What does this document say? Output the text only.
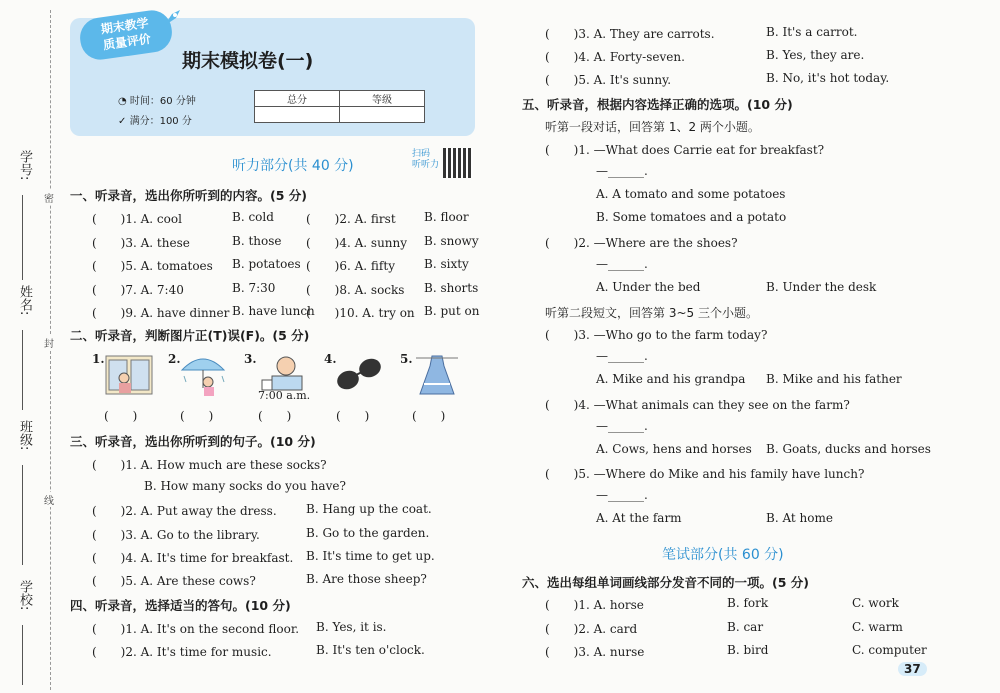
学号:
姓名:
班级:
学校:
密
封
线
期末教学
质量评价
期末模拟卷(一)
◔ 时间：60 分钟
✓ 满分：100 分
总分	等级

听力部分(共 40 分)
扫码
听听力
一、听录音，选出你所听到的内容。(5 分)
(　　)1. A. cool	B. cold	(　　)2. A. first B. floor
(　　)3. A. these	B. those (　　)4. A. sunny B. snowy
(　　)5. A. tomatoes B. potatoes (　　)6. A. fifty B. sixty
(　　)7. A. 7:40	B. 7:30	(　　)8. A. socks B. shorts
(　　)9. A. have dinner B. have lunch
(　　)10. A. try on B. put on
二、听录音，判断图片正(T)误(F)。(5 分)
1.	2.	3.	4.	5.
7:00 a.m.
(　　)	(　　)	(　　)	(　　)	(　　)
三、听录音，选出你所听到的句子。(10 分)
(　　)1. A. How much are these socks?
B. How many socks do you have?
(　　)2. A. Put away the dress. B. Hang up the coat.
(　　)3. A. Go to the library.	B. Go to the garden.
(　　)4. A. It's time for breakfast. B. It's time to get up.
(　　)5. A. Are these cows?	B. Are those sheep?
四、听录音，选择适当的答句。(10 分)
(　　)1. A. It's on the second floor. B. Yes, it is.
(　　)2. A. It's time for music.	B. It's ten o'clock.
(　　)3. A. They are carrots.	B. It's a carrot.
(　　)4. A. Forty-seven.	B. Yes, they are.
(　　)5. A. It's sunny.	B. No, it's hot today.
五、听录音，根据内容选择正确的选项。(10 分)
听第一段对话，回答第 1、2 两个小题。
听第二段短文，回答第 3~5 三个小题。
(　　)1. —What does Carrie eat for breakfast?
—______.
A. A tomato and some potatoes
B. Some tomatoes and a potato
(　　)2. —Where are the shoes?
—______.
A. Under the bed	B. Under the desk
(　　)3. —Who go to the farm today?
—______.
A. Mike and his grandpa B. Mike and his father
(　　)4. —What animals can they see on the farm?
—______.
A. Cows, hens and horses B. Goats, ducks and horses
(　　)5. —Where do Mike and his family have lunch?
—______.
A. At the farm	B. At home
笔试部分(共 60 分)
六、选出每组单词画线部分发音不同的一项。(5 分)
(　　)1. A. horse	B. fork	C. work
(　　)2. A. card	B. car	C. warm
(　　)3. A. nurse	B. bird	C. computer
37
